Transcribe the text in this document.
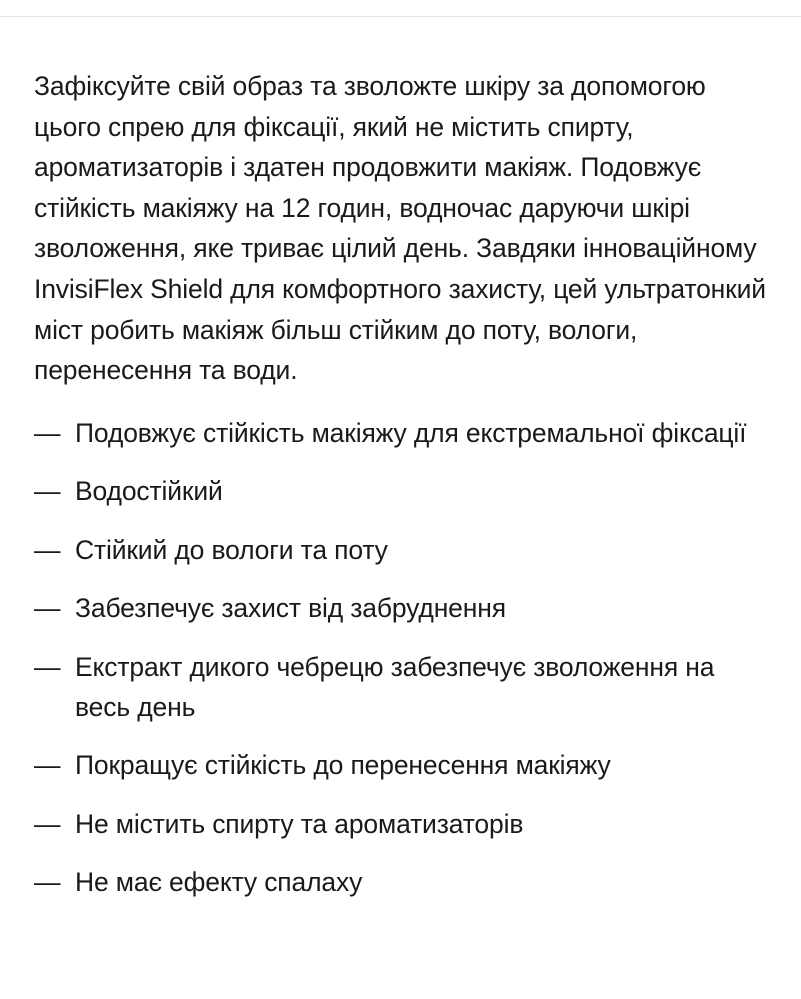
Зафіксуйте свій образ та зволожте шкіру за допомогою цього спрею для фіксації, який не містить спирту, ароматизаторів і здатен продовжити макіяж. Подовжує стійкість макіяжу на 12 годин, водночас даруючи шкірі зволоження, яке триває цілий день. Завдяки інноваційному InvisiFlex Shield для комфортного захисту, цей ультратонкий міст робить макіяж більш стійким до поту, вологи, перенесення та води.

— Подовжує стійкість макіяжу для екстремальної фіксації
— Водостійкий
— Стійкий до вологи та поту
— Забезпечує захист від забруднення
— Екстракт дикого чебрецю забезпечує зволоження на весь день
— Покращує стійкість до перенесення макіяжу
— Не містить спирту та ароматизаторів
— Не має ефекту спалаху
